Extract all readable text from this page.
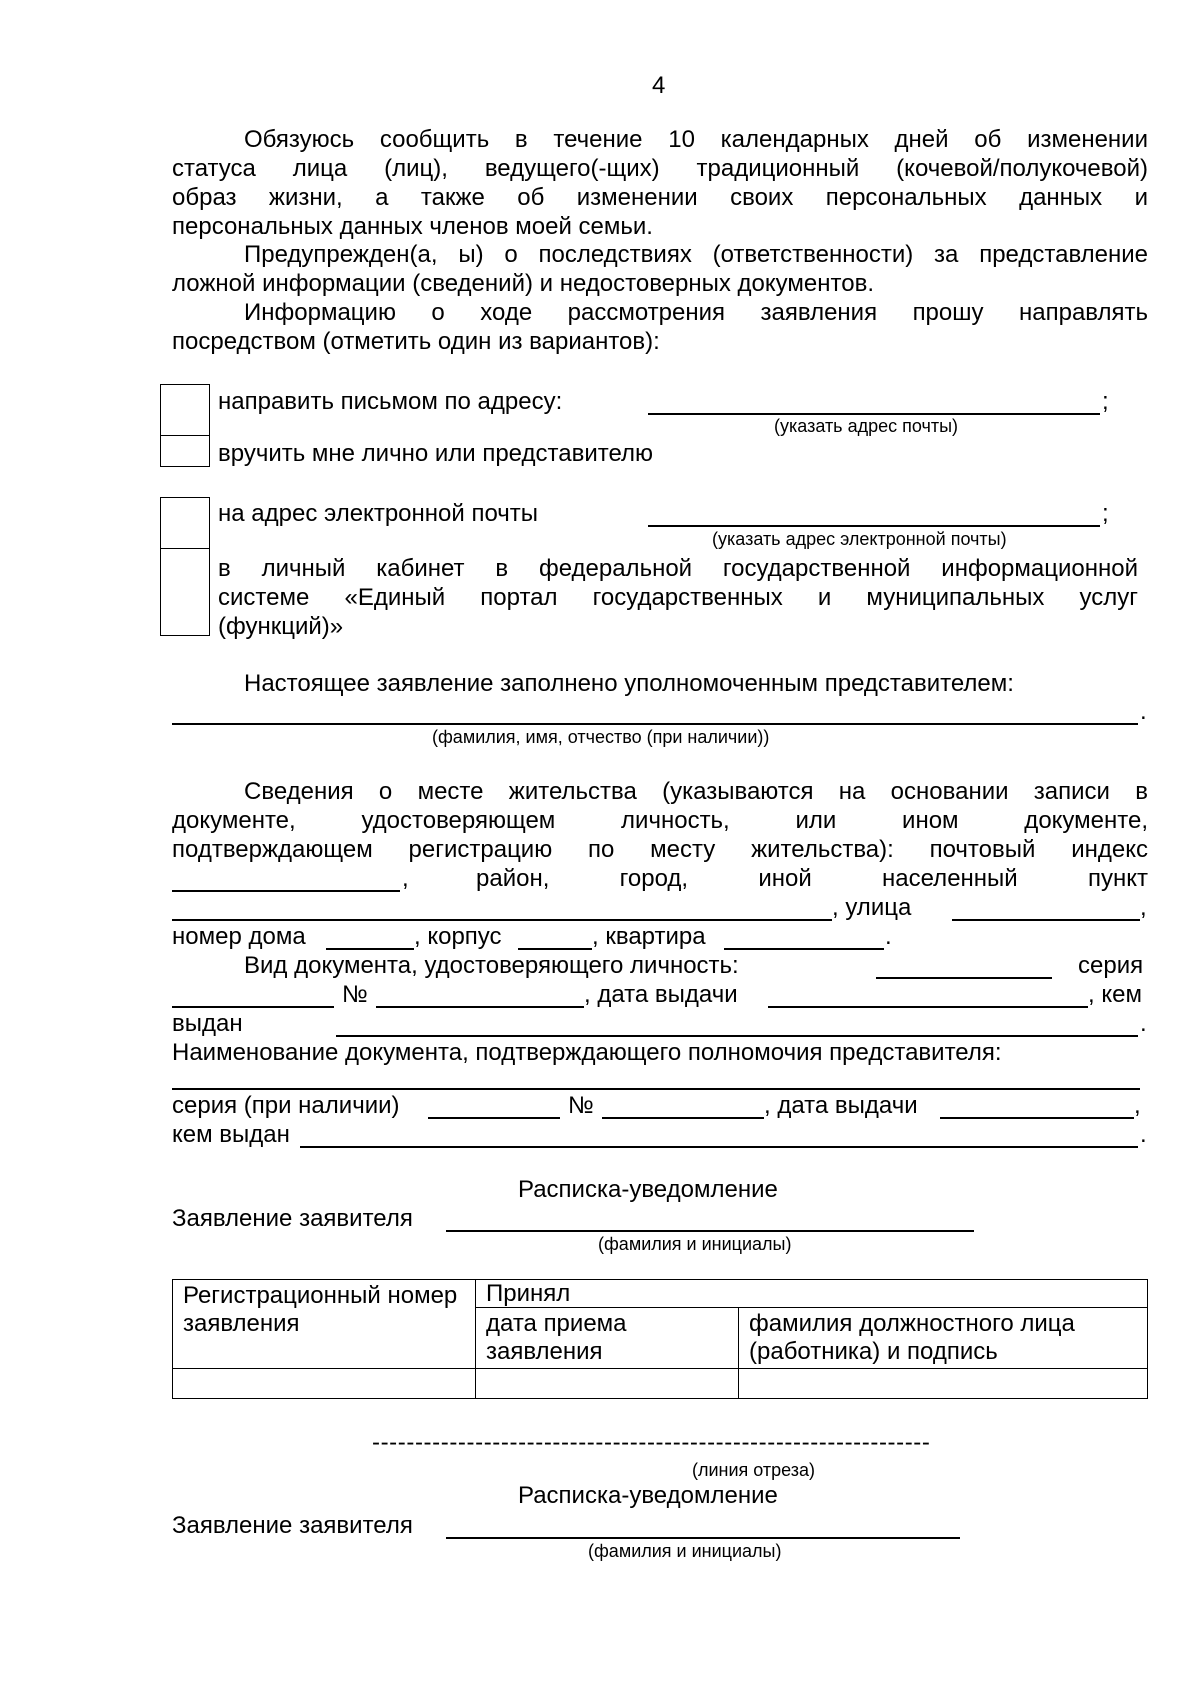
4
Обязуюсь сообщить в течение 10 календарных дней об изменении
статуса лица (лиц), ведущего(-щих) традиционный (кочевой/полукочевой)
образ жизни, а также об изменении своих персональных данных и
персональных данных членов моей семьи.
Предупрежден(а, ы) о последствиях (ответственности) за представление
ложной информации (сведений) и недостоверных документов.
Информацию о ходе рассмотрения заявления прошу направлять
посредством (отметить один из вариантов):
направить письмом по адресу:	;
(указать адрес почты)
вручить мне лично или представителю
на адрес электронной почты	;
(указать адрес электронной почты)
в личный кабинет в федеральной государственной информационной
системе «Единый портал государственных и муниципальных услуг
(функций)»
Настоящее заявление заполнено уполномоченным представителем:
.
(фамилия, имя, отчество (при наличии))
Сведения о месте жительства (указываются на основании записи в
документе, удостоверяющем личность, или ином документе,
подтверждающем регистрацию по месту жительства): почтовый индекс
,	район, город, иной населенный пункт
, улица	,
номер дома	, корпус	, квартира	.
Вид документа, удостоверяющего личность:	серия
№	, дата выдачи	, кем
выдан	.
Наименование документа, подтверждающего полномочия представителя:
серия (при наличии)	№	, дата выдачи	,
кем выдан	.
Расписка-уведомление
Заявление заявителя
(фамилия и инициалы)
Регистрационный номер заявления	Принял	
	дата приема заявления	фамилия должностного лица (работника) и подпись

-----------------------------------------------------------------
(линия отреза)
Расписка-уведомление
Заявление заявителя
(фамилия и инициалы)
